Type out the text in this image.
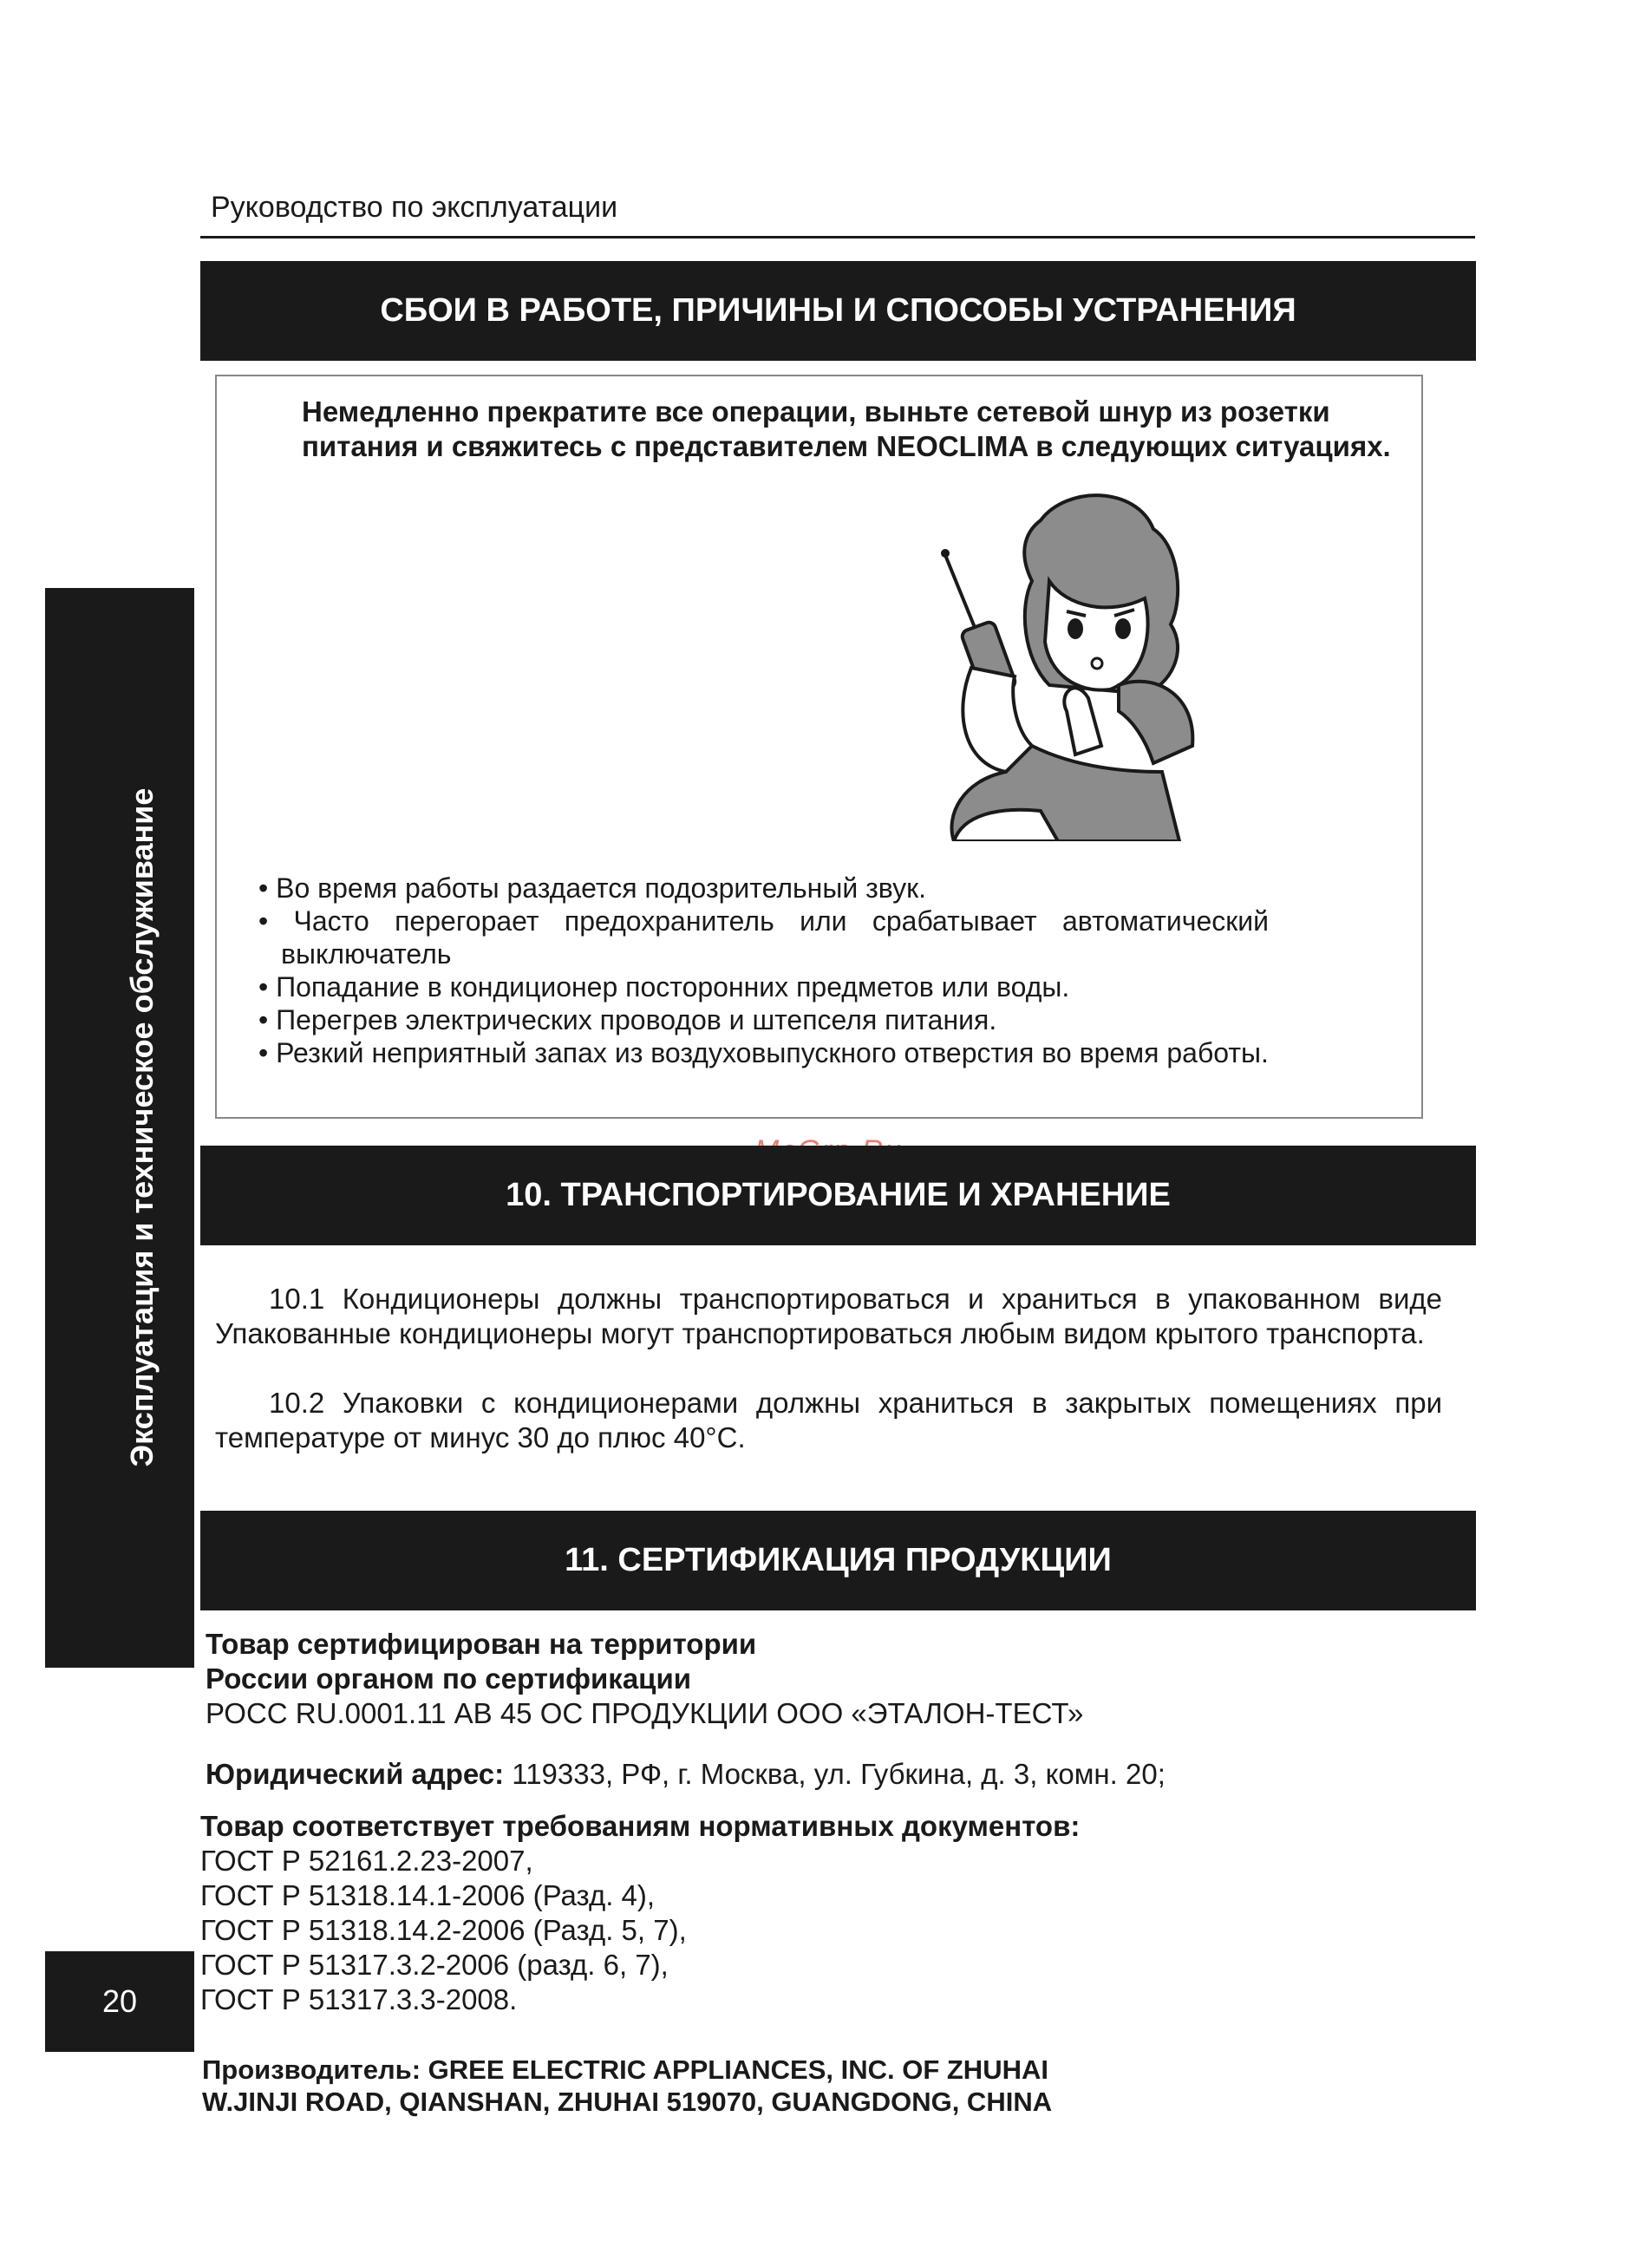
Руководство по эксплуатации
СБОИ В РАБОТЕ, ПРИЧИНЫ И СПОСОБЫ УСТРАНЕНИЯ
Немедленно прекратите все операции, выньте сетевой шнур из розетки питания и свяжитесь с представителем NEOCLIMA в следующих ситуациях.
• Во время работы раздается подозрительный звук.
• Часто перегорает предохранитель или срабатывает автоматический выключатель
• Попадание в кондиционер посторонних предметов или воды.
• Перегрев электрических проводов и штепселя питания.
• Резкий неприятный запах из воздуховыпускного отверстия во время работы.
10. ТРАНСПОРТИРОВАНИЕ И ХРАНЕНИЕ
10.1 Кондиционеры должны транспортироваться и храниться в упакованном виде Упакованные кондиционеры могут транспортироваться любым видом крытого транспорта.
10.2 Упаковки с кондиционерами должны храниться в закрытых помещениях при температуре от минус 30 до плюс 40°С.
11. СЕРТИФИКАЦИЯ ПРОДУКЦИИ
Товар сертифицирован на территории
России органом по сертификации
РОСС RU.0001.11 АВ 45 ОС ПРОДУКЦИИ ООО «ЭТАЛОН-ТЕСТ»
Юридический адрес: 119333, РФ, г. Москва, ул. Губкина, д. 3, комн. 20;
Товар соответствует требованиям нормативных документов:
ГОСТ Р 52161.2.23-2007,
ГОСТ Р 51318.14.1-2006 (Разд. 4),
ГОСТ Р 51318.14.2-2006 (Разд. 5, 7),
ГОСТ Р 51317.3.2-2006 (разд. 6, 7),
ГОСТ Р 51317.3.3-2008.
Производитель: GREE ELECTRIC APPLIANCES, INC. OF ZHUHAI
W.JINJI ROAD, QIANSHAN, ZHUHAI 519070, GUANGDONG, CHINA
Эксплуатация и техническое обслуживание
20
